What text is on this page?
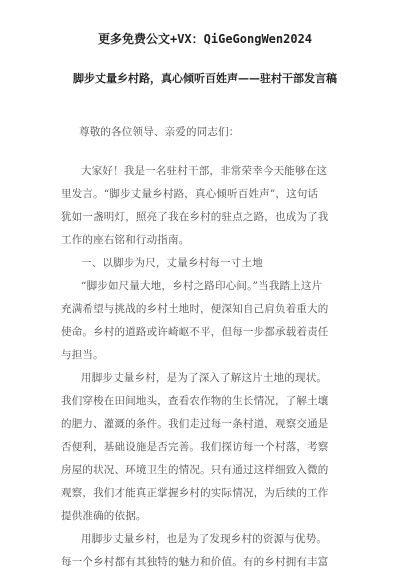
更多免费公文+VX：QiGeGongWen2024
脚步丈量乡村路，真心倾听百姓声——驻村干部发言稿
尊敬的各位领导、亲爱的同志们：
大家好！我是一名驻村干部，非常荣幸今天能够在这
里发言。“脚步丈量乡村路，真心倾听百姓声”，这句话
犹如一盏明灯，照亮了我在乡村的驻点之路，也成为了我
工作的座右铭和行动指南。
一、以脚步为尺，丈量乡村每一寸土地
“脚步如尺量大地，乡村之路印心间。”当我踏上这片
充满希望与挑战的乡村土地时，便深知自己肩负着重大的
使命。乡村的道路或许崎岖不平，但每一步都承载着责任
与担当。
用脚步丈量乡村，是为了深入了解这片土地的现状。
我们穿梭在田间地头，查看农作物的生长情况，了解土壤
的肥力、灌溉的条件。我们走过每一条村道，观察交通是
否便利，基础设施是否完善。我们探访每一个村落，考察
房屋的状况、环境卫生的情况。只有通过这样细致入微的
观察，我们才能真正掌握乡村的实际情况，为后续的工作
提供准确的依据。
用脚步丈量乡村，也是为了发现乡村的资源与优势。
每一个乡村都有其独特的魅力和价值。有的乡村拥有丰富
